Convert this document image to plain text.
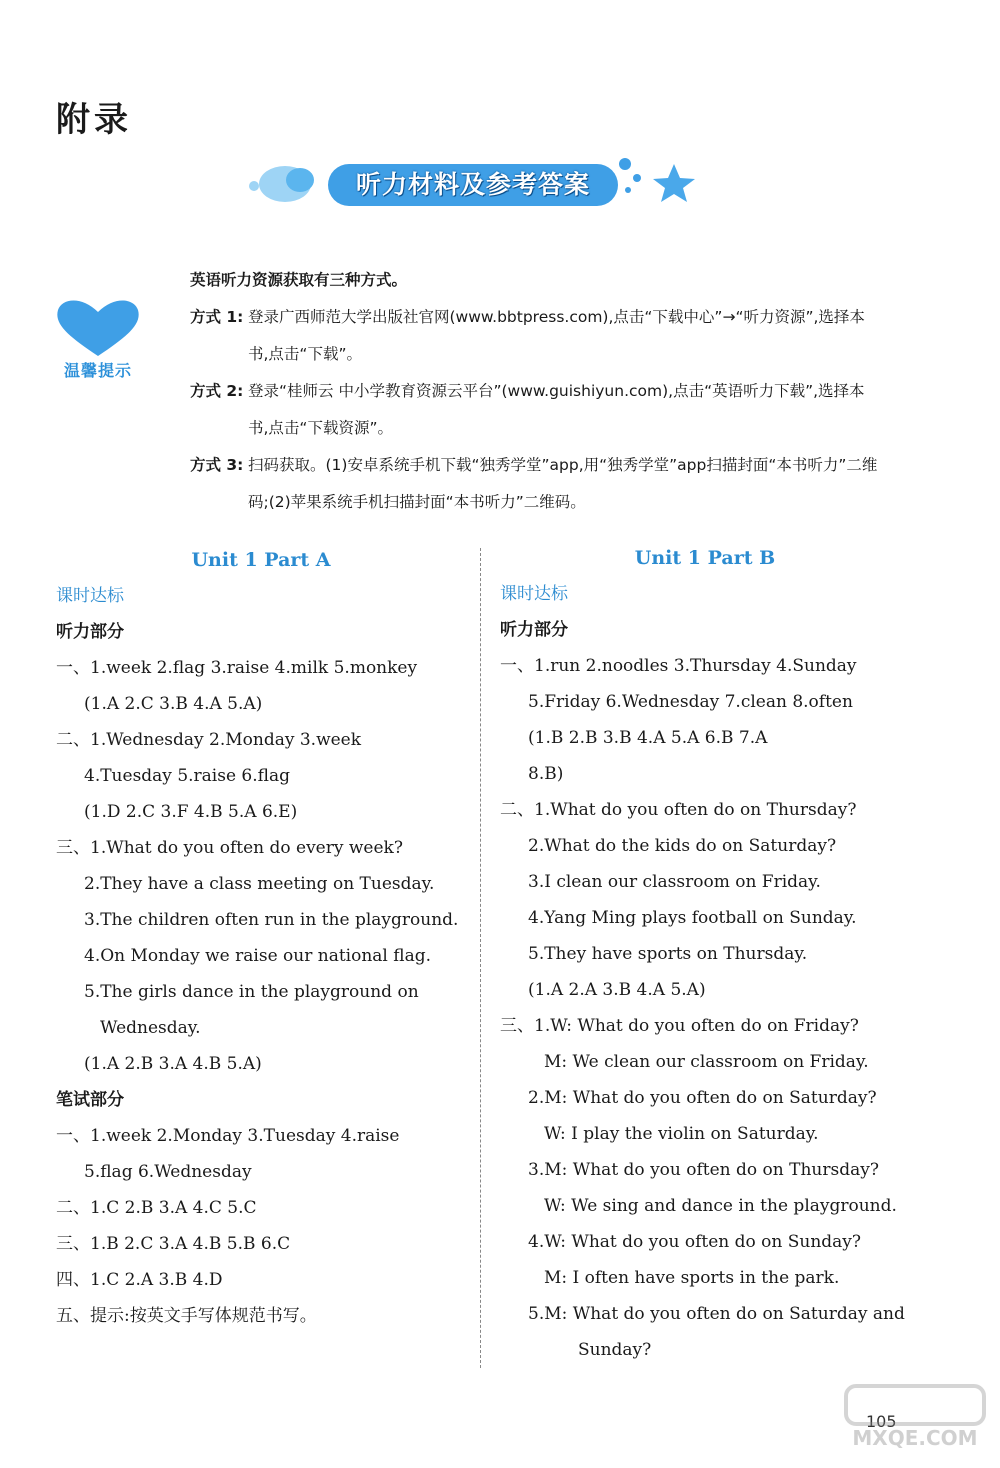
附录
听力材料及参考答案
温馨提示
英语听力资源获取有三种方式。
方式 1: 登录广西师范大学出版社官网(www.bbtpress.com),点击“下载中心”→“听力资源”,选择本书,点击“下载”。
方式 2: 登录“桂师云 中小学教育资源云平台”(www.guishiyun.com),点击“英语听力下载”,选择本书,点击“下载资源”。
方式 3: 扫码获取。(1)安卓系统手机下载“独秀学堂”app,用“独秀学堂”app扫描封面“本书听力”二维码;(2)苹果系统手机扫描封面“本书听力”二维码。
Unit 1 Part A
课时达标
听力部分
一、1.week 2.flag 3.raise 4.milk 5.monkey
(1.A 2.C 3.B 4.A 5.A)
二、1.Wednesday 2.Monday 3.week
4.Tuesday 5.raise 6.flag
(1.D 2.C 3.F 4.B 5.A 6.E)
三、1.What do you often do every week?
2.They have a class meeting on Tuesday.
3.The children often run in the playground.
4.On Monday we raise our national flag.
5.The girls dance in the playground on
Wednesday.
(1.A 2.B 3.A 4.B 5.A)
笔试部分
一、1.week 2.Monday 3.Tuesday 4.raise
5.flag 6.Wednesday
二、1.C 2.B 3.A 4.C 5.C
三、1.B 2.C 3.A 4.B 5.B 6.C
四、1.C 2.A 3.B 4.D
五、提示:按英文手写体规范书写。
Unit 1 Part B
课时达标
听力部分
一、1.run 2.noodles 3.Thursday 4.Sunday
5.Friday 6.Wednesday 7.clean 8.often
(1.B 2.B 3.B 4.A 5.A 6.B 7.A
8.B)
二、1.What do you often do on Thursday?
2.What do the kids do on Saturday?
3.I clean our classroom on Friday.
4.Yang Ming plays football on Sunday.
5.They have sports on Thursday.
(1.A 2.A 3.B 4.A 5.A)
三、1.W: What do you often do on Friday?
M: We clean our classroom on Friday.
2.M: What do you often do on Saturday?
W: I play the violin on Saturday.
3.M: What do you often do on Thursday?
W: We sing and dance in the playground.
4.W: What do you often do on Sunday?
M: I often have sports in the park.
5.M: What do you often do on Saturday and
Sunday?
105
MXQE.COM
